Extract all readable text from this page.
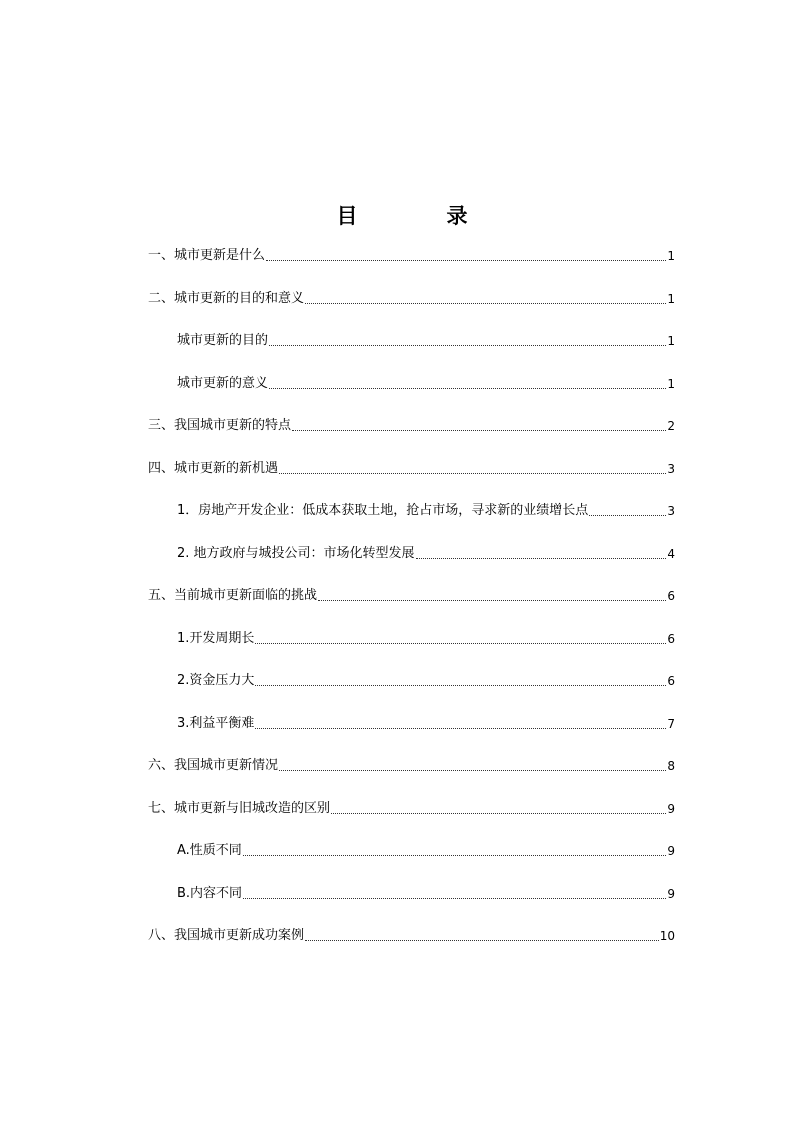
目　录
一、城市更新是什么	1
二、城市更新的目的和意义	1
城市更新的目的	1
城市更新的意义	1
三、我国城市更新的特点	2
四、城市更新的新机遇	3
1．房地产开发企业：低成本获取土地，抢占市场，寻求新的业绩增长点	3
2. 地方政府与城投公司：市场化转型发展	4
五、当前城市更新面临的挑战	6
1.开发周期长	6
2.资金压力大	6
3.利益平衡难	7
六、我国城市更新情况	8
七、城市更新与旧城改造的区别	9
A.性质不同	9
B.内容不同	9
八、我国城市更新成功案例	10
